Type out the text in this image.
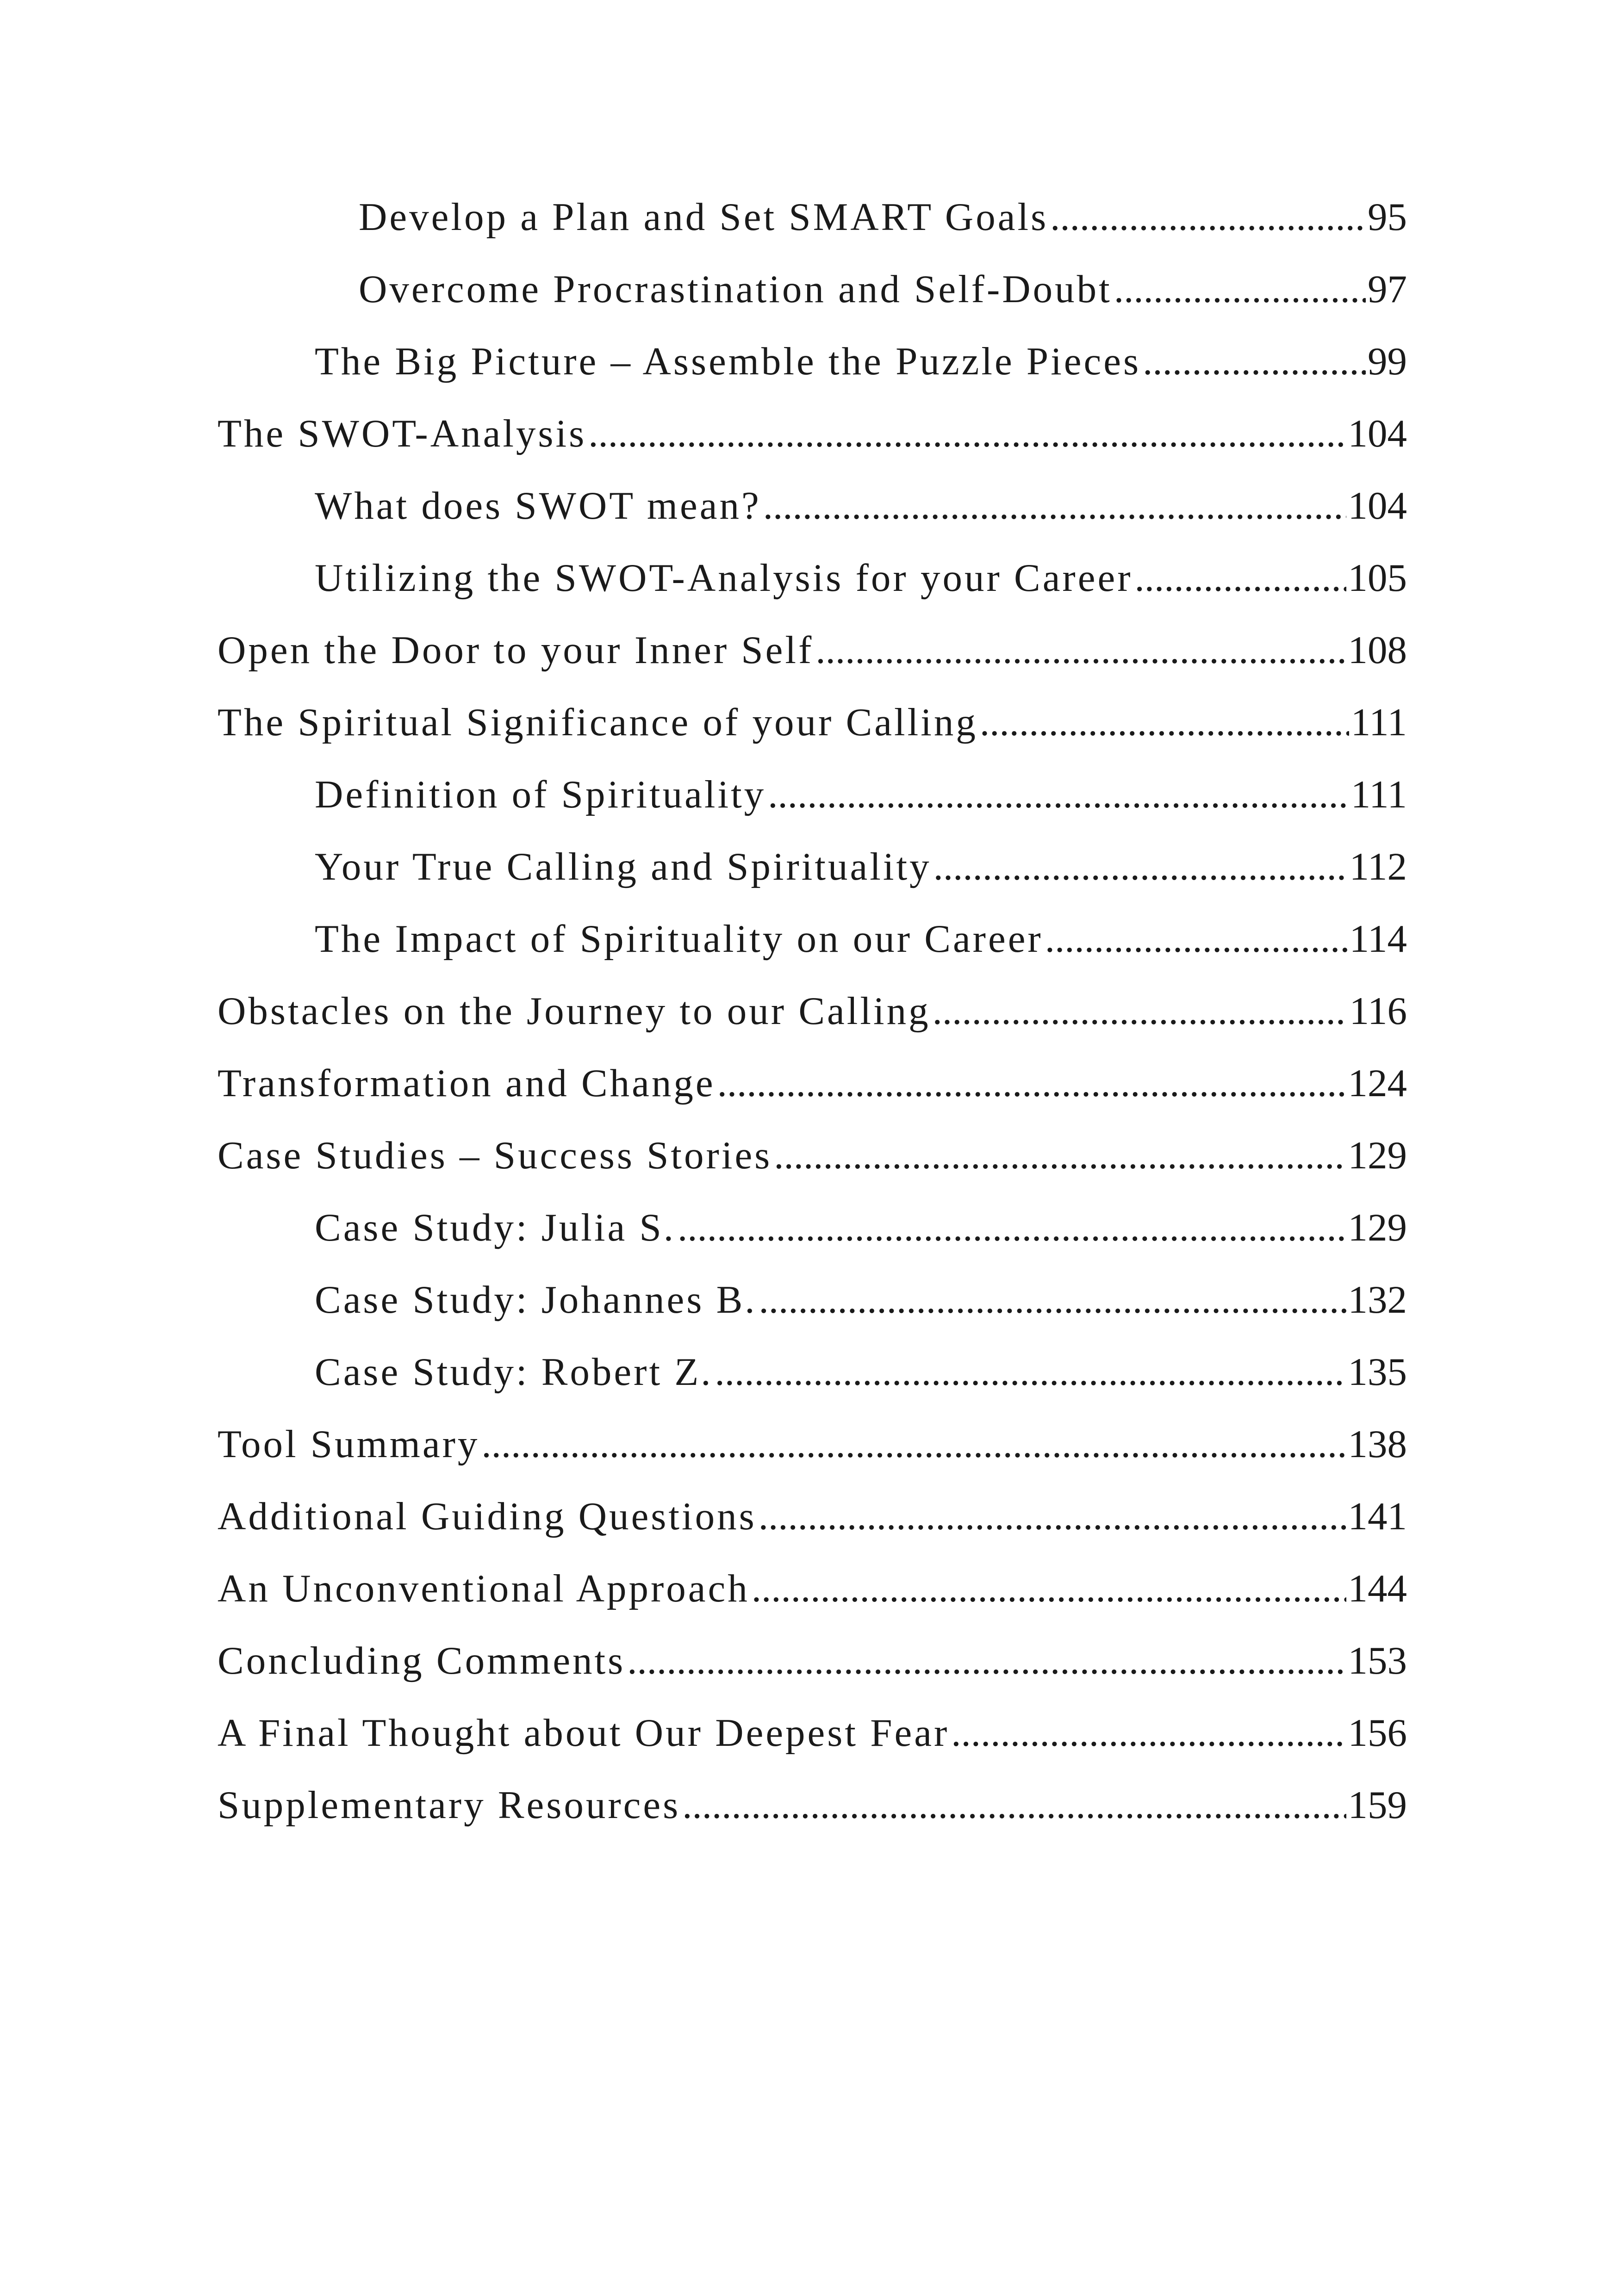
Develop a Plan and Set SMART Goals .....	95
Overcome Procrastination and Self-Doubt .....	97
The Big Picture – Assemble the Puzzle Pieces .....	99
The SWOT-Analysis .....	104
What does SWOT mean? .....	104
Utilizing the SWOT-Analysis for your Career .....	105
Open the Door to your Inner Self .....	108
The Spiritual Significance of your Calling .....	111
Definition of Spirituality .....	111
Your True Calling and Spirituality .....	112
The Impact of Spirituality on our Career .....	114
Obstacles on the Journey to our Calling .....	116
Transformation and Change .....	124
Case Studies – Success Stories .....	129
Case Study: Julia S. .....	129
Case Study: Johannes B. .....	132
Case Study: Robert Z. .....	135
Tool Summary .....	138
Additional Guiding Questions .....	141
An Unconventional Approach .....	144
Concluding Comments .....	153
A Final Thought about Our Deepest Fear .....	156
Supplementary Resources .....	159
